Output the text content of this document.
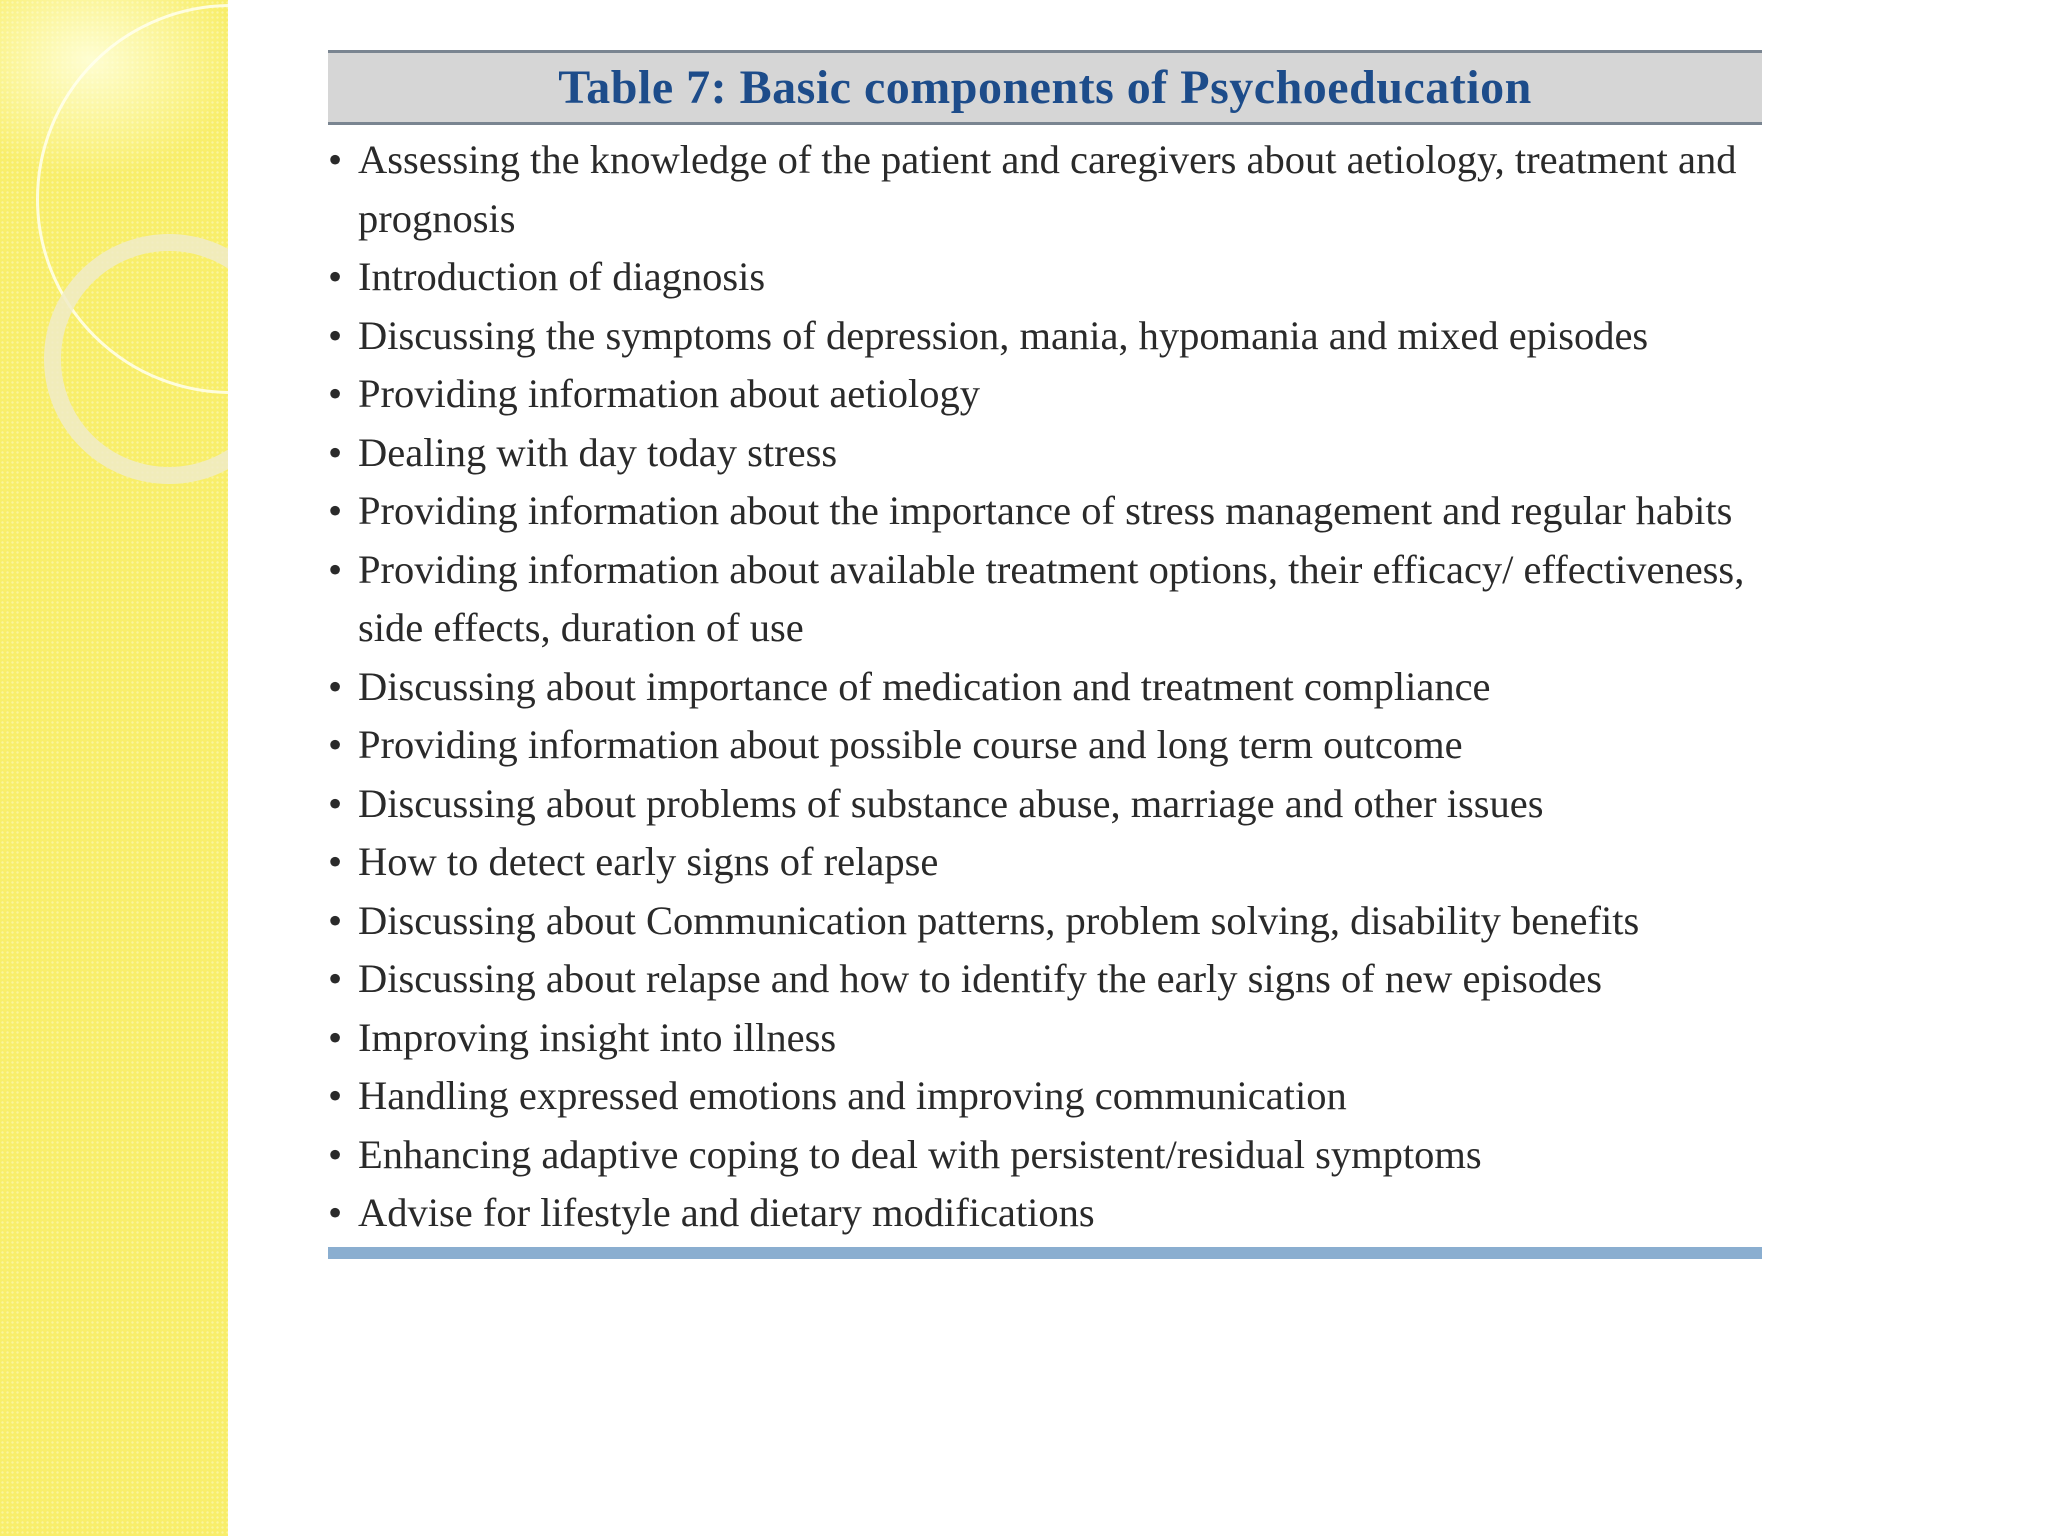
Table 7: Basic components of Psychoeducation
• Assessing the knowledge of the patient and caregivers about aetiology, treatment and prognosis
• Introduction of diagnosis
• Discussing the symptoms of depression, mania, hypomania and mixed episodes
• Providing information about aetiology
• Dealing with day today stress
• Providing information about the importance of stress management and regular habits
• Providing information about available treatment options, their efficacy/ effectiveness, side effects, duration of use
• Discussing about importance of medication and treatment compliance
• Providing information about possible course and long term outcome
• Discussing about problems of substance abuse, marriage and other issues
• How to detect early signs of relapse
• Discussing about Communication patterns, problem solving, disability benefits
• Discussing about relapse and how to identify the early signs of new episodes
• Improving insight into illness
• Handling expressed emotions and improving communication
• Enhancing adaptive coping to deal with persistent/residual symptoms
• Advise for lifestyle and dietary modifications
